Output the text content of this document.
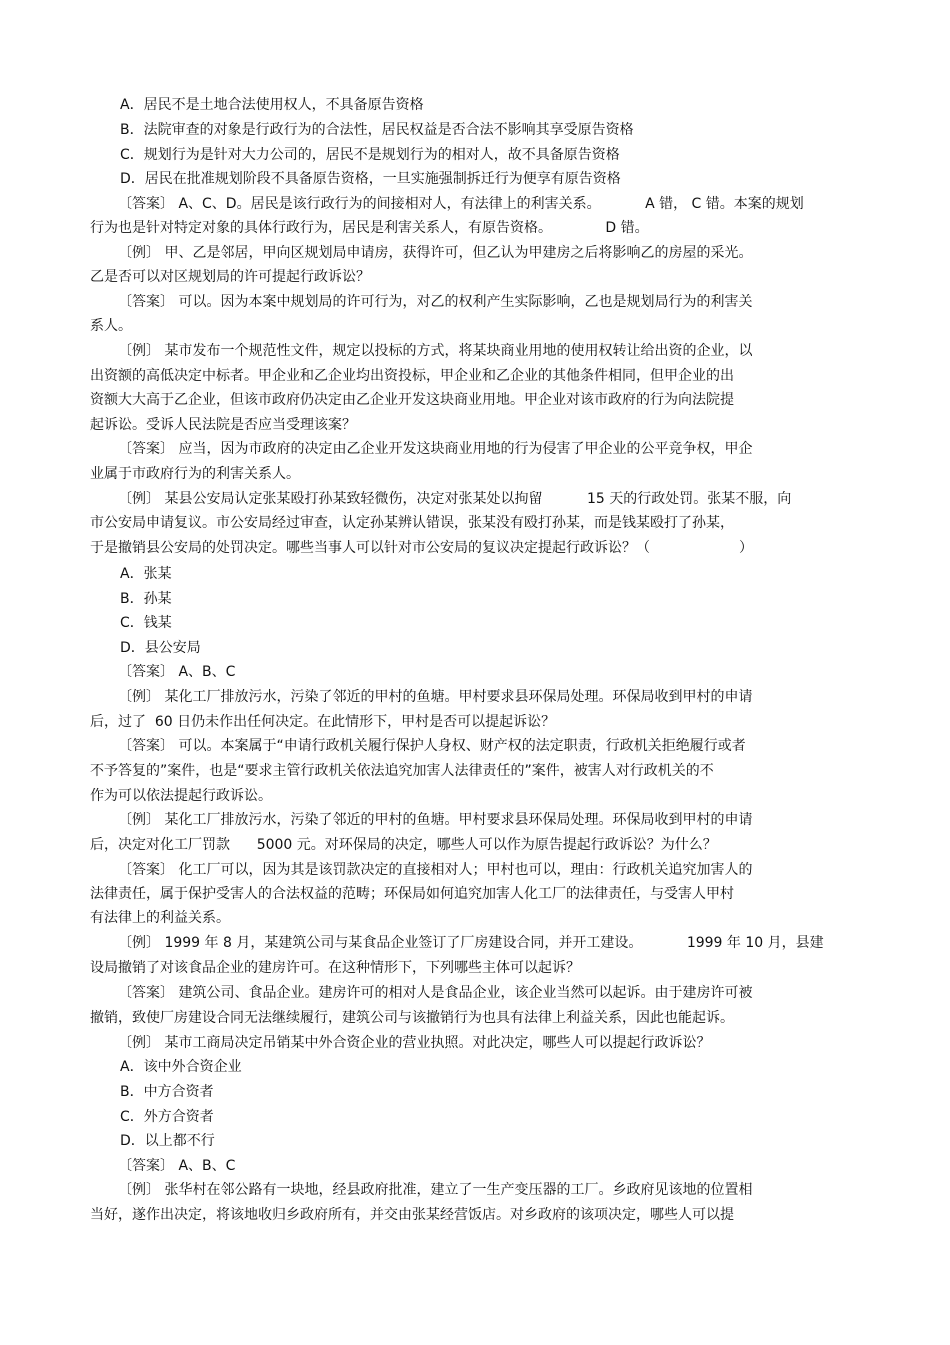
A．居民不是土地合法使用权人，不具备原告资格
B．法院审查的对象是行政行为的合法性，居民权益是否合法不影响其享受原告资格
C．规划行为是针对大力公司的，居民不是规划行为的相对人，故不具备原告资格
D．居民在批准规划阶段不具备原告资格，一旦实施强制拆迁行为便享有原告资格
〔答案〕 A、C、D。居民是该行政行为的间接相对人，有法律上的利害关系。          A 错， C 错。本案的规划
行为也是针对特定对象的具体行政行为，居民是利害关系人，有原告资格。            D 错。
〔例〕 甲、乙是邻居，甲向区规划局申请房，获得许可，但乙认为甲建房之后将影响乙的房屋的采光。
乙是否可以对区规划局的许可提起行政诉讼？
〔答案〕 可以。因为本案中规划局的许可行为，对乙的权利产生实际影响，乙也是规划局行为的利害关
系人。
〔例〕 某市发布一个规范性文件，规定以投标的方式，将某块商业用地的使用权转让给出资的企业，以
出资额的高低决定中标者。甲企业和乙企业均出资投标，甲企业和乙企业的其他条件相同，但甲企业的出
资额大大高于乙企业，但该市政府仍决定由乙企业开发这块商业用地。甲企业对该市政府的行为向法院提
起诉讼。受诉人民法院是否应当受理该案？
〔答案〕 应当，因为市政府的决定由乙企业开发这块商业用地的行为侵害了甲企业的公平竞争权，甲企
业属于市政府行为的利害关系人。
〔例〕 某县公安局认定张某殴打孙某致轻微伤，决定对张某处以拘留          15 天的行政处罚。张某不服，向
市公安局申请复议。市公安局经过审查，认定孙某辨认错误，张某没有殴打孙某，而是钱某殴打了孙某，
于是撤销县公安局的处罚决定。哪些当事人可以针对市公安局的复议决定提起行政诉讼？（                    ）
A．张某
B．孙某
C．钱某
D．县公安局
〔答案〕 A、B、C
〔例〕 某化工厂排放污水，污染了邻近的甲村的鱼塘。甲村要求县环保局处理。环保局收到甲村的申请
后，过了  60 日仍未作出任何决定。在此情形下，甲村是否可以提起诉讼？
〔答案〕 可以。本案属于“申请行政机关履行保护人身权、财产权的法定职责，行政机关拒绝履行或者
不予答复的”案件，也是“要求主管行政机关依法追究加害人法律责任的”案件，被害人对行政机关的不
作为可以依法提起行政诉讼。
〔例〕 某化工厂排放污水，污染了邻近的甲村的鱼塘。甲村要求县环保局处理。环保局收到甲村的申请
后，决定对化工厂罚款      5000 元。对环保局的决定，哪些人可以作为原告提起行政诉讼？为什么？
〔答案〕 化工厂可以，因为其是该罚款决定的直接相对人；甲村也可以，理由：行政机关追究加害人的
法律责任，属于保护受害人的合法权益的范畴；环保局如何追究加害人化工厂的法律责任，与受害人甲村
有法律上的利益关系。
〔例〕 1999 年 8 月，某建筑公司与某食品企业签订了厂房建设合同，并开工建设。          1999 年 10 月，县建
设局撤销了对该食品企业的建房许可。在这种情形下，下列哪些主体可以起诉？
〔答案〕 建筑公司、食品企业。建房许可的相对人是食品企业，该企业当然可以起诉。由于建房许可被
撤销，致使厂房建设合同无法继续履行，建筑公司与该撤销行为也具有法律上利益关系，因此也能起诉。
〔例〕 某市工商局决定吊销某中外合资企业的营业执照。对此决定，哪些人可以提起行政诉讼？
A．该中外合资企业
B．中方合资者
C．外方合资者
D．以上都不行
〔答案〕 A、B、C
〔例〕 张华村在邻公路有一块地，经县政府批准，建立了一生产变压器的工厂。乡政府见该地的位置相
当好，遂作出决定，将该地收归乡政府所有，并交由张某经营饭店。对乡政府的该项决定，哪些人可以提
